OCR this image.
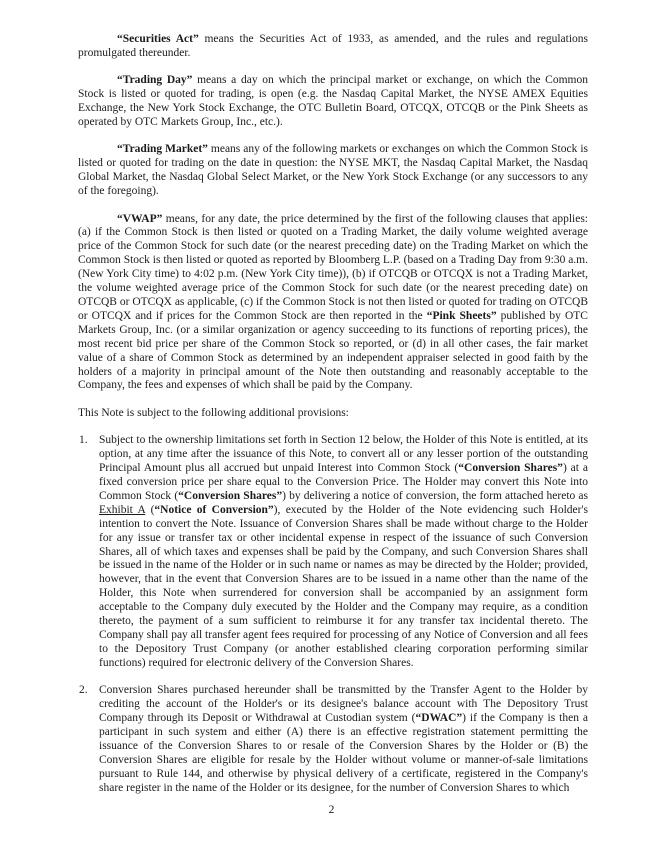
“Securities Act” means the Securities Act of 1933, as amended, and the rules and regulations promulgated thereunder.

“Trading Day” means a day on which the principal market or exchange, on which the Common Stock is listed or quoted for trading, is open (e.g. the Nasdaq Capital Market, the NYSE AMEX Equities Exchange, the New York Stock Exchange, the OTC Bulletin Board, OTCQX, OTCQB or the Pink Sheets as operated by OTC Markets Group, Inc., etc.).

“Trading Market” means any of the following markets or exchanges on which the Common Stock is listed or quoted for trading on the date in question: the NYSE MKT, the Nasdaq Capital Market, the Nasdaq Global Market, the Nasdaq Global Select Market, or the New York Stock Exchange (or any successors to any of the foregoing).

“VWAP” means, for any date, the price determined by the first of the following clauses that applies: (a) if the Common Stock is then listed or quoted on a Trading Market, the daily volume weighted average price of the Common Stock for such date (or the nearest preceding date) on the Trading Market on which the Common Stock is then listed or quoted as reported by Bloomberg L.P. (based on a Trading Day from 9:30 a.m. (New York City time) to 4:02 p.m. (New York City time)), (b) if OTCQB or OTCQX is not a Trading Market, the volume weighted average price of the Common Stock for such date (or the nearest preceding date) on OTCQB or OTCQX as applicable, (c) if the Common Stock is not then listed or quoted for trading on OTCQB or OTCQX and if prices for the Common Stock are then reported in the “Pink Sheets” published by OTC Markets Group, Inc. (or a similar organization or agency succeeding to its functions of reporting prices), the most recent bid price per share of the Common Stock so reported, or (d) in all other cases, the fair market value of a share of Common Stock as determined by an independent appraiser selected in good faith by the holders of a majority in principal amount of the Note then outstanding and reasonably acceptable to the Company, the fees and expenses of which shall be paid by the Company.

This Note is subject to the following additional provisions:

1. Subject to the ownership limitations set forth in Section 12 below, the Holder of this Note is entitled, at its option, at any time after the issuance of this Note, to convert all or any lesser portion of the outstanding Principal Amount plus all accrued but unpaid Interest into Common Stock (“Conversion Shares”) at a fixed conversion price per share equal to the Conversion Price. The Holder may convert this Note into Common Stock (“Conversion Shares”) by delivering a notice of conversion, the form attached hereto as Exhibit A (“Notice of Conversion”), executed by the Holder of the Note evidencing such Holder's intention to convert the Note. Issuance of Conversion Shares shall be made without charge to the Holder for any issue or transfer tax or other incidental expense in respect of the issuance of such Conversion Shares, all of which taxes and expenses shall be paid by the Company, and such Conversion Shares shall be issued in the name of the Holder or in such name or names as may be directed by the Holder; provided, however, that in the event that Conversion Shares are to be issued in a name other than the name of the Holder, this Note when surrendered for conversion shall be accompanied by an assignment form acceptable to the Company duly executed by the Holder and the Company may require, as a condition thereto, the payment of a sum sufficient to reimburse it for any transfer tax incidental thereto. The Company shall pay all transfer agent fees required for processing of any Notice of Conversion and all fees to the Depository Trust Company (or another established clearing corporation performing similar functions) required for electronic delivery of the Conversion Shares.
2. Conversion Shares purchased hereunder shall be transmitted by the Transfer Agent to the Holder by crediting the account of the Holder's or its designee's balance account with The Depository Trust Company through its Deposit or Withdrawal at Custodian system (“DWAC”) if the Company is then a participant in such system and either (A) there is an effective registration statement permitting the issuance of the Conversion Shares to or resale of the Conversion Shares by the Holder or (B) the Conversion Shares are eligible for resale by the Holder without volume or manner-of-sale limitations pursuant to Rule 144, and otherwise by physical delivery of a certificate, registered in the Company's share register in the name of the Holder or its designee, for the number of Conversion Shares to which
2
